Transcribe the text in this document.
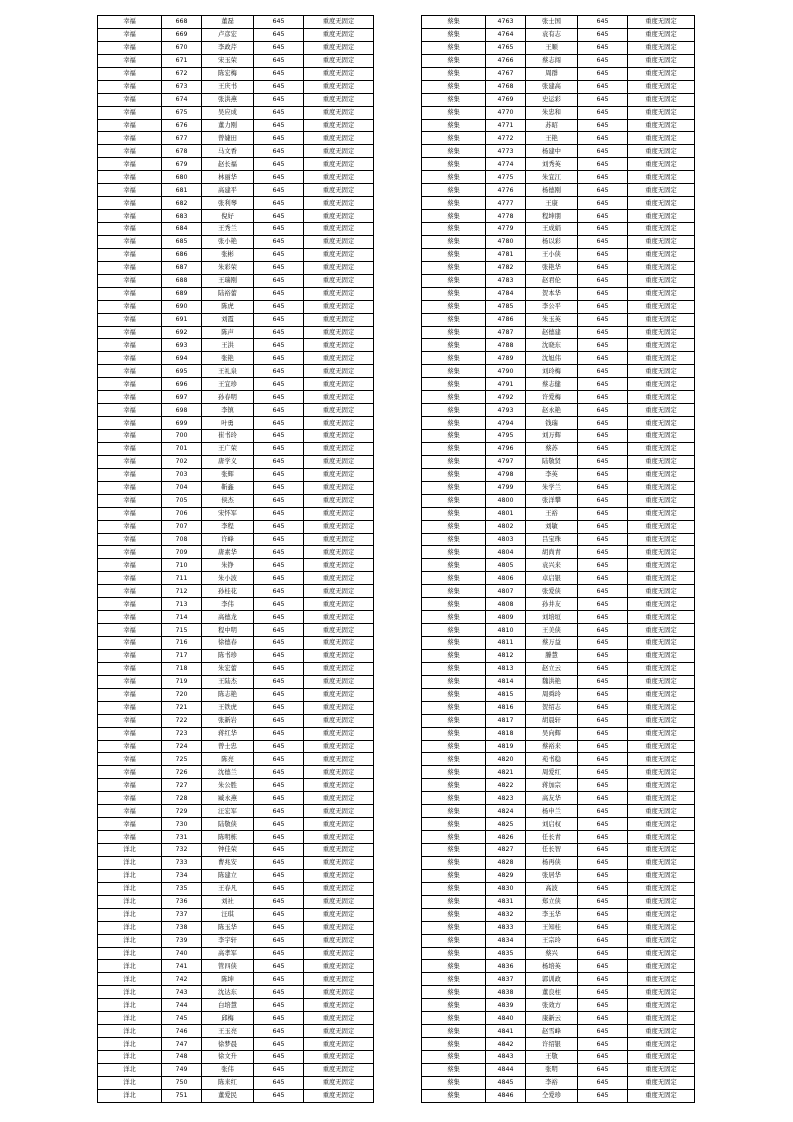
幸福	668	董磊	645	重度无固定
幸福	669	卢彦宏	645	重度无固定
幸福	670	李政芹	645	重度无固定
幸福	671	宋玉荣	645	重度无固定
幸福	672	陈宏梅	645	重度无固定
幸福	673	王庆书	645	重度无固定
幸福	674	张洪燕	645	重度无固定
幸福	675	吴应成	645	重度无固定
幸福	676	董力刚	645	重度无固定
幸福	677	曾婕田	645	重度无固定
幸福	678	马文香	645	重度无固定
幸福	679	赵长福	645	重度无固定
幸福	680	林丽华	645	重度无固定
幸福	681	高建平	645	重度无固定
幸福	682	张利琴	645	重度无固定
幸福	683	倪好	645	重度无固定
幸福	684	王秀兰	645	重度无固定
幸福	685	张小艳	645	重度无固定
幸福	686	张彬	645	重度无固定
幸福	687	朱彩荣	645	重度无固定
幸福	688	王瑞刚	645	重度无固定
幸福	689	陆裕蕾	645	重度无固定
幸福	690	陈虎	645	重度无固定
幸福	691	刘霞	645	重度无固定
幸福	692	陈声	645	重度无固定
幸福	693	王洪	645	重度无固定
幸福	694	张艳	645	重度无固定
幸福	695	王礼泉	645	重度无固定
幸福	696	王宜珍	645	重度无固定
幸福	697	孙春明	645	重度无固定
幸福	698	李镇	645	重度无固定
幸福	699	叶勇	645	重度无固定
幸福	700	崔书玲	645	重度无固定
幸福	701	王广荣	645	重度无固定
幸福	702	唐学义	645	重度无固定
幸福	703	张辉	645	重度无固定
幸福	704	靳鑫	645	重度无固定
幸福	705	侯杰	645	重度无固定
幸福	706	宋怀军	645	重度无固定
幸福	707	李程	645	重度无固定
幸福	708	许峰	645	重度无固定
幸福	709	唐素华	645	重度无固定
幸福	710	朱铮	645	重度无固定
幸福	711	朱小波	645	重度无固定
幸福	712	孙桂花	645	重度无固定
幸福	713	李伟	645	重度无固定
幸福	714	高德龙	645	重度无固定
幸福	715	程中明	645	重度无固定
幸福	716	徐德春	645	重度无固定
幸福	717	陈书珍	645	重度无固定
幸福	718	朱宏蕾	645	重度无固定
幸福	719	王陆杰	645	重度无固定
幸福	720	陈志艳	645	重度无固定
幸福	721	王铁虎	645	重度无固定
幸福	722	张新岩	645	重度无固定
幸福	723	蒋红华	645	重度无固定
幸福	724	曾士忠	645	重度无固定
幸福	725	陈亮	645	重度无固定
幸福	726	沈德兰	645	重度无固定
幸福	727	朱公胜	645	重度无固定
幸福	728	臧永燕	645	重度无固定
幸福	729	汪宏军	645	重度无固定
幸福	730	陆敬侠	645	重度无固定
幸福	731	陈明栋	645	重度无固定
洋北	732	钟佳荣	645	重度无固定
洋北	733	曹兆安	645	重度无固定
洋北	734	陈建立	645	重度无固定
洋北	735	王春凡	645	重度无固定
洋北	736	刘社	645	重度无固定
洋北	737	汪琪	645	重度无固定
洋北	738	陈玉华	645	重度无固定
洋北	739	李宇轩	645	重度无固定
洋北	740	高孝军	645	重度无固定
洋北	741	管四侠	645	重度无固定
洋北	742	陈坤	645	重度无固定
洋北	743	沈达东	645	重度无固定
洋北	744	白培慧	645	重度无固定
洋北	745	邱梅	645	重度无固定
洋北	746	王玉亮	645	重度无固定
洋北	747	徐梦晨	645	重度无固定
洋北	748	徐文升	645	重度无固定
洋北	749	张伟	645	重度无固定
洋北	750	陈来红	645	重度无固定
洋北	751	董爱民	645	重度无固定
蔡集	4763	张士国	645	重度无固定
蔡集	4764	袁有志	645	重度无固定
蔡集	4765	王顺	645	重度无固定
蔡集	4766	蔡志闯	645	重度无固定
蔡集	4767	周群	645	重度无固定
蔡集	4768	张建高	645	重度无固定
蔡集	4769	史运彩	645	重度无固定
蔡集	4770	朱忠和	645	重度无固定
蔡集	4771	苏昭	645	重度无固定
蔡集	4772	王艳	645	重度无固定
蔡集	4773	杨建中	645	重度无固定
蔡集	4774	刘秀英	645	重度无固定
蔡集	4775	朱宜江	645	重度无固定
蔡集	4776	杨德刚	645	重度无固定
蔡集	4777	王康	645	重度无固定
蔡集	4778	程坤朋	645	重度无固定
蔡集	4779	王成娟	645	重度无固定
蔡集	4780	杨以彩	645	重度无固定
蔡集	4781	王小侠	645	重度无固定
蔡集	4782	张艳华	645	重度无固定
蔡集	4783	赵君伦	645	重度无固定
蔡集	4784	贺本华	645	重度无固定
蔡集	4785	李公平	645	重度无固定
蔡集	4786	朱玉英	645	重度无固定
蔡集	4787	赵德建	645	重度无固定
蔡集	4788	沈晓东	645	重度无固定
蔡集	4789	沈旭伟	645	重度无固定
蔡集	4790	刘玲梅	645	重度无固定
蔡集	4791	蔡志健	645	重度无固定
蔡集	4792	许爱梅	645	重度无固定
蔡集	4793	赵永艳	645	重度无固定
蔡集	4794	钱瑞	645	重度无固定
蔡集	4795	刘万辉	645	重度无固定
蔡集	4796	蔡苏	645	重度无固定
蔡集	4797	陆敬贤	645	重度无固定
蔡集	4798	李英	645	重度无固定
蔡集	4799	朱学兰	645	重度无固定
蔡集	4800	张洋攀	645	重度无固定
蔡集	4801	王裕	645	重度无固定
蔡集	4802	刘敏	645	重度无固定
蔡集	4803	吕宝珠	645	重度无固定
蔡集	4804	胡尚青	645	重度无固定
蔡集	4805	袁兴来	645	重度无固定
蔡集	4806	卓启银	645	重度无固定
蔡集	4807	张爱侠	645	重度无固定
蔡集	4808	孙井友	645	重度无固定
蔡集	4809	刘培垣	645	重度无固定
蔡集	4810	王美侠	645	重度无固定
蔡集	4811	蔡万益	645	重度无固定
蔡集	4812	滕慧	645	重度无固定
蔡集	4813	赵立云	645	重度无固定
蔡集	4814	魏洪艳	645	重度无固定
蔡集	4815	周舜玲	645	重度无固定
蔡集	4816	贺绍志	645	重度无固定
蔡集	4817	胡晨轩	645	重度无固定
蔡集	4818	吴向辉	645	重度无固定
蔡集	4819	蔡裕来	645	重度无固定
蔡集	4820	苑书稳	645	重度无固定
蔡集	4821	周爱红	645	重度无固定
蔡集	4822	蒋加宗	645	重度无固定
蔡集	4823	高友华	645	重度无固定
蔡集	4824	杨申兰	645	重度无固定
蔡集	4825	刘启权	645	重度无固定
蔡集	4826	任长青	645	重度无固定
蔡集	4827	任长智	645	重度无固定
蔡集	4828	杨再侠	645	重度无固定
蔡集	4829	张居华	645	重度无固定
蔡集	4830	高波	645	重度无固定
蔡集	4831	郑立侠	645	重度无固定
蔡集	4832	李玉华	645	重度无固定
蔡集	4833	王知桂	645	重度无固定
蔡集	4834	王宗玲	645	重度无固定
蔡集	4835	蔡兴	645	重度无固定
蔡集	4836	杨培英	645	重度无固定
蔡集	4837	郭训政	645	重度无固定
蔡集	4838	董良柱	645	重度无固定
蔡集	4839	张效方	645	重度无固定
蔡集	4840	康新云	645	重度无固定
蔡集	4841	赵雪峰	645	重度无固定
蔡集	4842	许绍银	645	重度无固定
蔡集	4843	王敬	645	重度无固定
蔡集	4844	张明	645	重度无固定
蔡集	4845	李裕	645	重度无固定
蔡集	4846	仝爱珍	645	重度无固定
